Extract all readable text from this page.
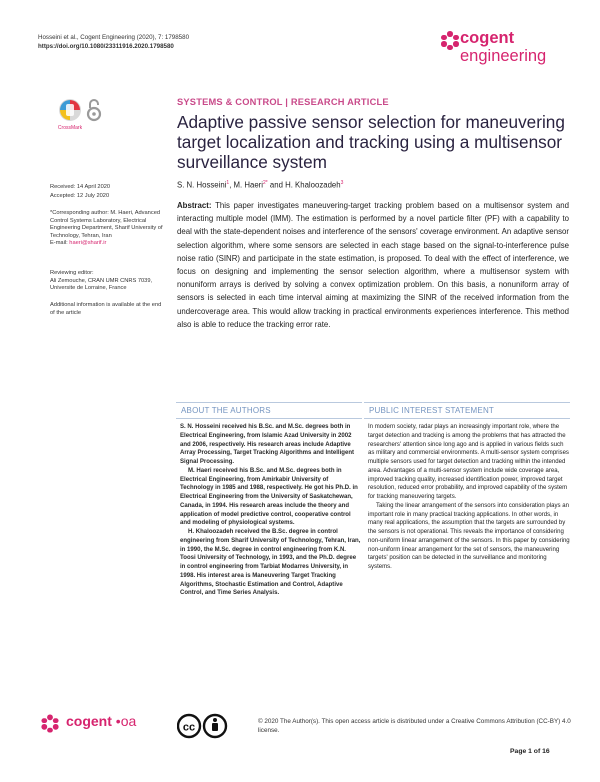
Hosseini et al., Cogent Engineering (2020), 7: 1798580
https://doi.org/10.1080/23311916.2020.1798580	cogent
engineering
CrossMark
Received: 14 April 2020
Accepted: 12 July 2020
*Corresponding author: M. Haeri, Advanced Control Systems Laboratory, Electrical Engineering Department, Sharif University of Technology, Tehran, Iran
E-mail: haeri@sharif.ir
Reviewing editor:
Ali Zemouche, CRAN UMR CNRS 7039, Universite de Lorraine, France
Additional information is available at the end of the article
SYSTEMS & CONTROL | RESEARCH ARTICLE
Adaptive passive sensor selection for maneuvering target localization and tracking using a multisensor surveillance system
S. N. Hosseini$^1$, M. Haeri$^{2*}$ and H. Khaloozadeh$^3$
Abstract: This paper investigates maneuvering-target tracking problem based on a multisensor system and interacting multiple model (IMM). The estimation is performed by a novel particle filter (PF) with a capability to deal with the state-dependent noises and interference of the sensors' coverage environment. An adaptive sensor selection algorithm, where some sensors are selected in each stage based on the signal-to-interference pulse noise ratio (SINR) and participate in the state estimation, is proposed. To deal with the effect of interference, we focus on designing and implementing the sensor selection algorithm, where a multisensor system with nonuniform arrays is derived by solving a convex optimization problem. On this basis, a nonuniform array of sensors is selected in each time interval aiming at maximizing the SINR of the received information from the undercoverage area. This would allow tracking in practical environments experiences interference. This method also is able to reduce the tracking error rate.
ABOUT THE AUTHORS

S. N. Hosseini received his B.Sc. and M.Sc. degrees both in Electrical Engineering, from Islamic Azad University in 2002 and 2006, respectively. His research areas include Adaptive Array Processing, Target Tracking Algorithms and Intelligent Signal Processing.

M. Haeri received his B.Sc. and M.Sc. degrees both in Electrical Engineering, from Amirkabir University of Technology in 1985 and 1988, respectively. He got his Ph.D. in Electrical Engineering from the University of Saskatchewan, Canada, in 1994. His research areas include the theory and application of model predictive control, cooperative control and modeling of physiological systems.

H. Khaloozadeh received the B.Sc. degree in control engineering from Sharif University of Technology, Tehran, Iran, in 1990, the M.Sc. degree in control engineering from K.N. Toosi University of Technology, in 1993, and the Ph.D. degree in control engineering from Tarbiat Modarres University, in 1998. His interest area is Maneuvering Target Tracking Algorithms, Stochastic Estimation and Control, Adaptive Control, and Time Series Analysis.

PUBLIC INTEREST STATEMENT

In modern society, radar plays an increasingly important role, where the target detection and tracking is among the problems that has attracted the researchers' attention since long ago and is applied in various fields such as military and commercial environments. A multi-sensor system comprises multiple sensors used for target detection and tracking within the intended area. Advantages of a multi-sensor system include wide coverage area, improved tracking quality, increased identification power, improved target resolution, reduced error probability, and improved capability of the system for tracking maneuvering targets.

Taking the linear arrangement of the sensors into consideration plays an important role in many practical tracking applications. In other words, in many real applications, the assumption that the targets are surrounded by the sensors is not operational. This reveals the importance of considering non-uniform linear arrangement of the sensors. In this paper by considering non-uniform linear arrangement for the set of sensors, the maneuvering targets' position can be detected in the surveillance and monitoring systems.

cogent •oa	cc	© 2020 The Author(s). This open access article is distributed under a Creative Commons Attribution (CC-BY) 4.0 license.
Page 1 of 16
